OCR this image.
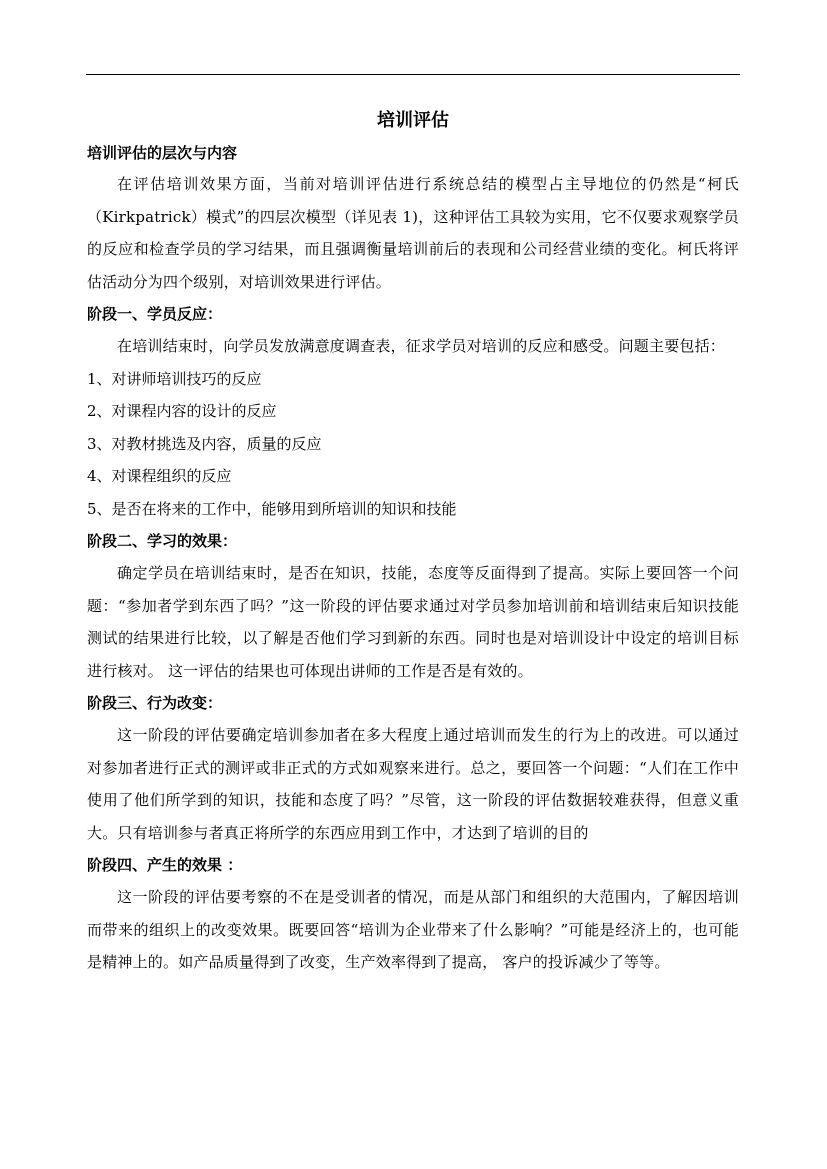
培训评估
培训评估的层次与内容

在评估培训效果方面，当前对培训评估进行系统总结的模型占主导地位的仍然是“柯氏（Kirkpatrick）模式”的四层次模型（详见表 1)，这种评估工具较为实用，它不仅要求观察学员的反应和检查学员的学习结果，而且强调衡量培训前后的表现和公司经营业绩的变化。柯氏将评估活动分为四个级别，对培训效果进行评估。

阶段一、学员反应：

在培训结束时，向学员发放满意度调查表，征求学员对培训的反应和感受。问题主要包括：

1、对讲师培训技巧的反应

2、对课程内容的设计的反应

3、对教材挑选及内容，质量的反应

4、对课程组织的反应

5、是否在将来的工作中，能够用到所培训的知识和技能

阶段二、学习的效果：

确定学员在培训结束时，是否在知识，技能，态度等反面得到了提高。实际上要回答一个问题：“参加者学到东西了吗？”这一阶段的评估要求通过对学员参加培训前和培训结束后知识技能测试的结果进行比较，以了解是否他们学习到新的东西。同时也是对培训设计中设定的培训目标进行核对。 这一评估的结果也可体现出讲师的工作是否是有效的。

阶段三、行为改变：

这一阶段的评估要确定培训参加者在多大程度上通过培训而发生的行为上的改进。可以通过对参加者进行正式的测评或非正式的方式如观察来进行。总之，要回答一个问题：“人们在工作中使用了他们所学到的知识，技能和态度了吗？”尽管，这一阶段的评估数据较难获得，但意义重大。只有培训参与者真正将所学的东西应用到工作中，才达到了培训的目的

阶段四、产生的效果 ：

这一阶段的评估要考察的不在是受训者的情况，而是从部门和组织的大范围内，了解因培训而带来的组织上的改变效果。既要回答“培训为企业带来了什么影响？”可能是经济上的，也可能是精神上的。如产品质量得到了改变，生产效率得到了提高， 客户的投诉减少了等等。
